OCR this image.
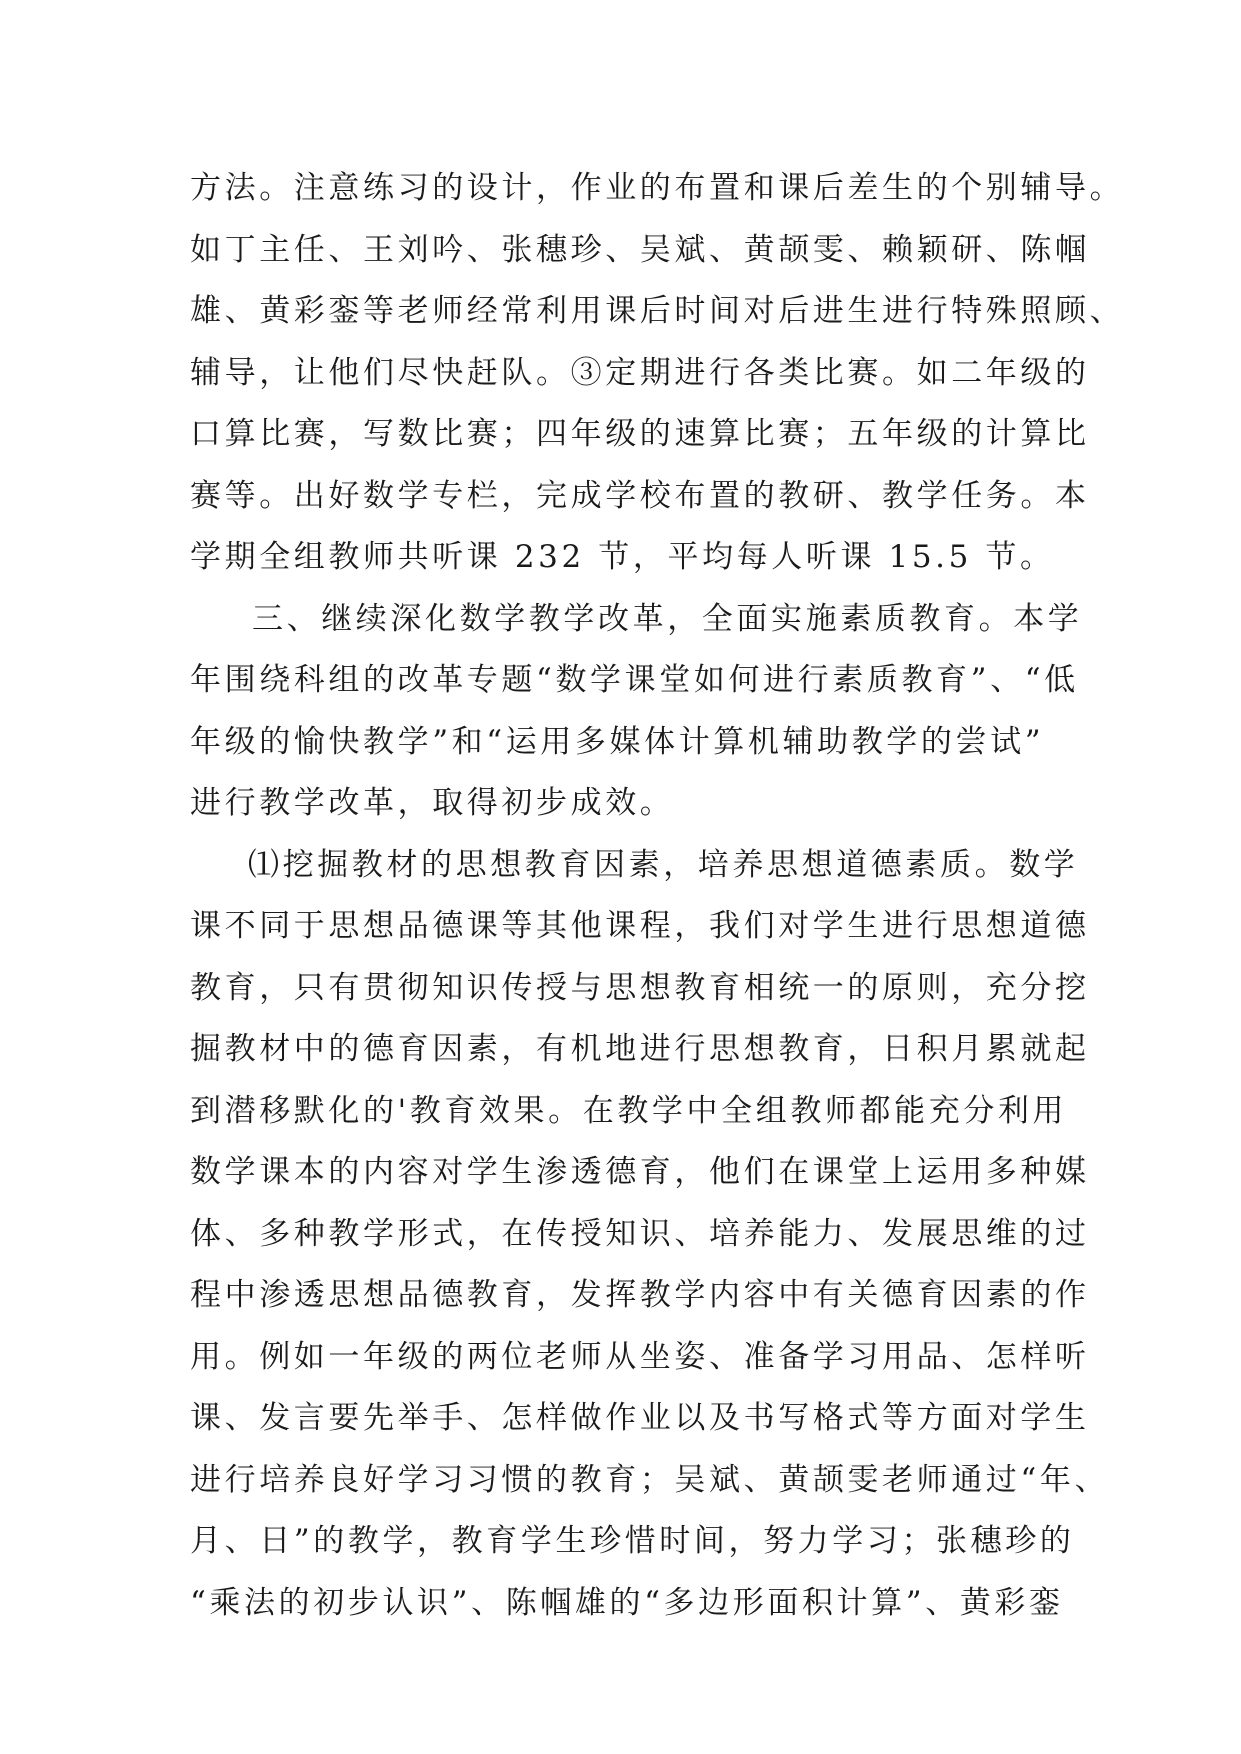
方法。注意练习的设计，作业的布置和课后差生的个别辅导。
如丁主任、王刘吟、张穗珍、吴斌、黄颉雯、赖颖研、陈帼
雄、黄彩銮等老师经常利用课后时间对后进生进行特殊照顾、
辅导，让他们尽快赶队。③定期进行各类比赛。如二年级的
口算比赛，写数比赛；四年级的速算比赛；五年级的计算比
赛等。出好数学专栏，完成学校布置的教研、教学任务。本
学期全组教师共听课 232 节，平均每人听课 15.5 节。
三、继续深化数学教学改革，全面实施素质教育。本学
年围绕科组的改革专题“数学课堂如何进行素质教育”、“低
年级的愉快教学”和“运用多媒体计算机辅助教学的尝试”
进行教学改革，取得初步成效。
⑴挖掘教材的思想教育因素，培养思想道德素质。数学
课不同于思想品德课等其他课程，我们对学生进行思想道德
教育，只有贯彻知识传授与思想教育相统一的原则，充分挖
掘教材中的德育因素，有机地进行思想教育，日积月累就起
到潜移默化的'教育效果。在教学中全组教师都能充分利用
数学课本的内容对学生渗透德育，他们在课堂上运用多种媒
体、多种教学形式，在传授知识、培养能力、发展思维的过
程中渗透思想品德教育，发挥教学内容中有关德育因素的作
用。例如一年级的两位老师从坐姿、准备学习用品、怎样听
课、发言要先举手、怎样做作业以及书写格式等方面对学生
进行培养良好学习习惯的教育；吴斌、黄颉雯老师通过“年、
月、日”的教学，教育学生珍惜时间，努力学习；张穗珍的
“乘法的初步认识”、陈帼雄的“多边形面积计算”、黄彩銮
